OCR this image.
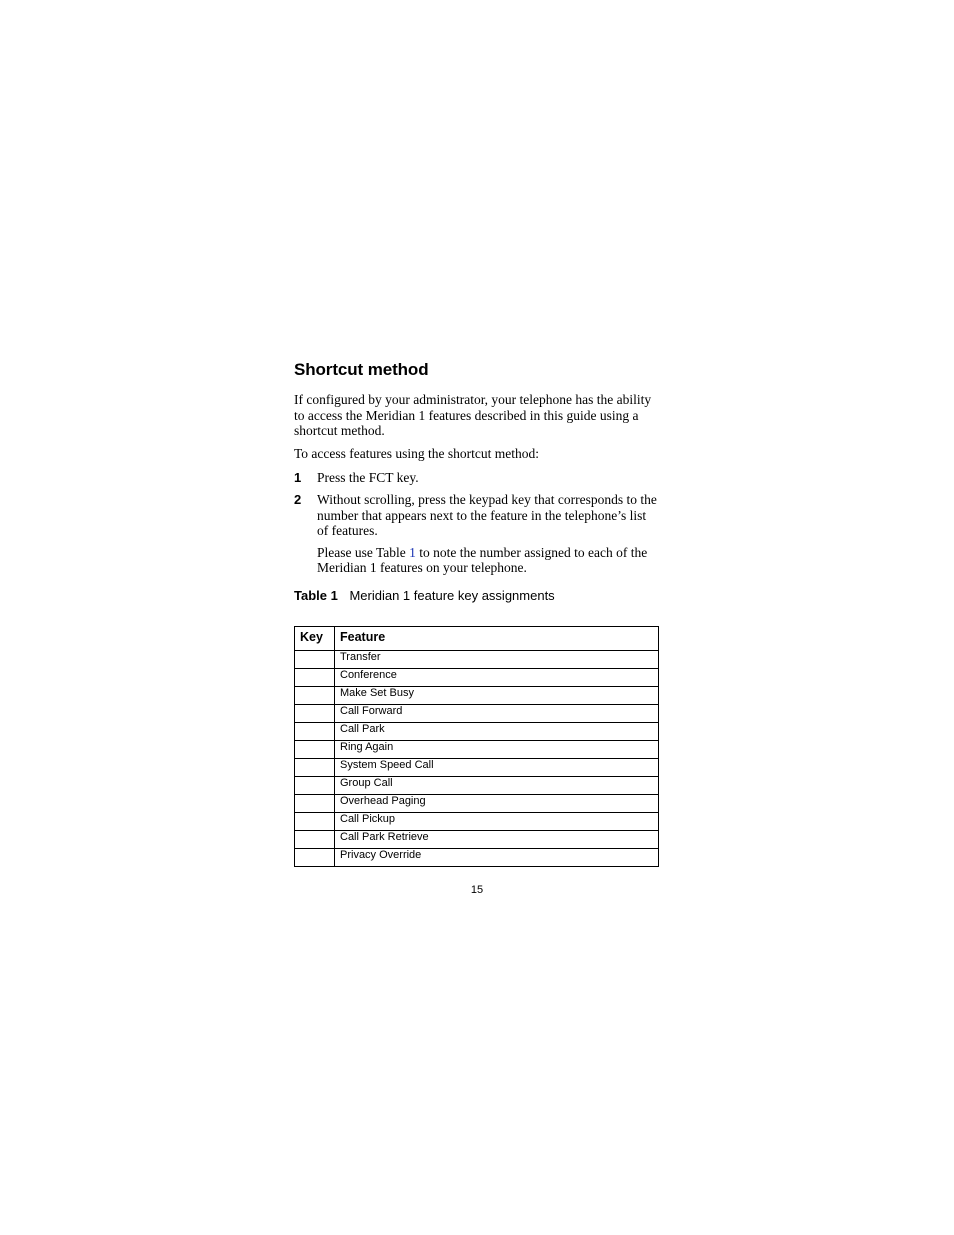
Shortcut method

If configured by your administrator, your telephone has the ability to access the Meridian 1 features described in this guide using a shortcut method.

To access features using the shortcut method:

1	Press the FCT key.
2	Without scrolling, press the keypad key that corresponds to the number that appears next to the feature in the telephone’s list of features.

Please use Table 1 to note the number assigned to each of the Meridian 1 features on your telephone.

Table 1 Meridian 1 feature key assignments
Key	Feature
	Transfer
	Conference
	Make Set Busy
	Call Forward
	Call Park
	Ring Again
	System Speed Call
	Group Call
	Overhead Paging
	Call Pickup
	Call Park Retrieve
	Privacy Override
15
